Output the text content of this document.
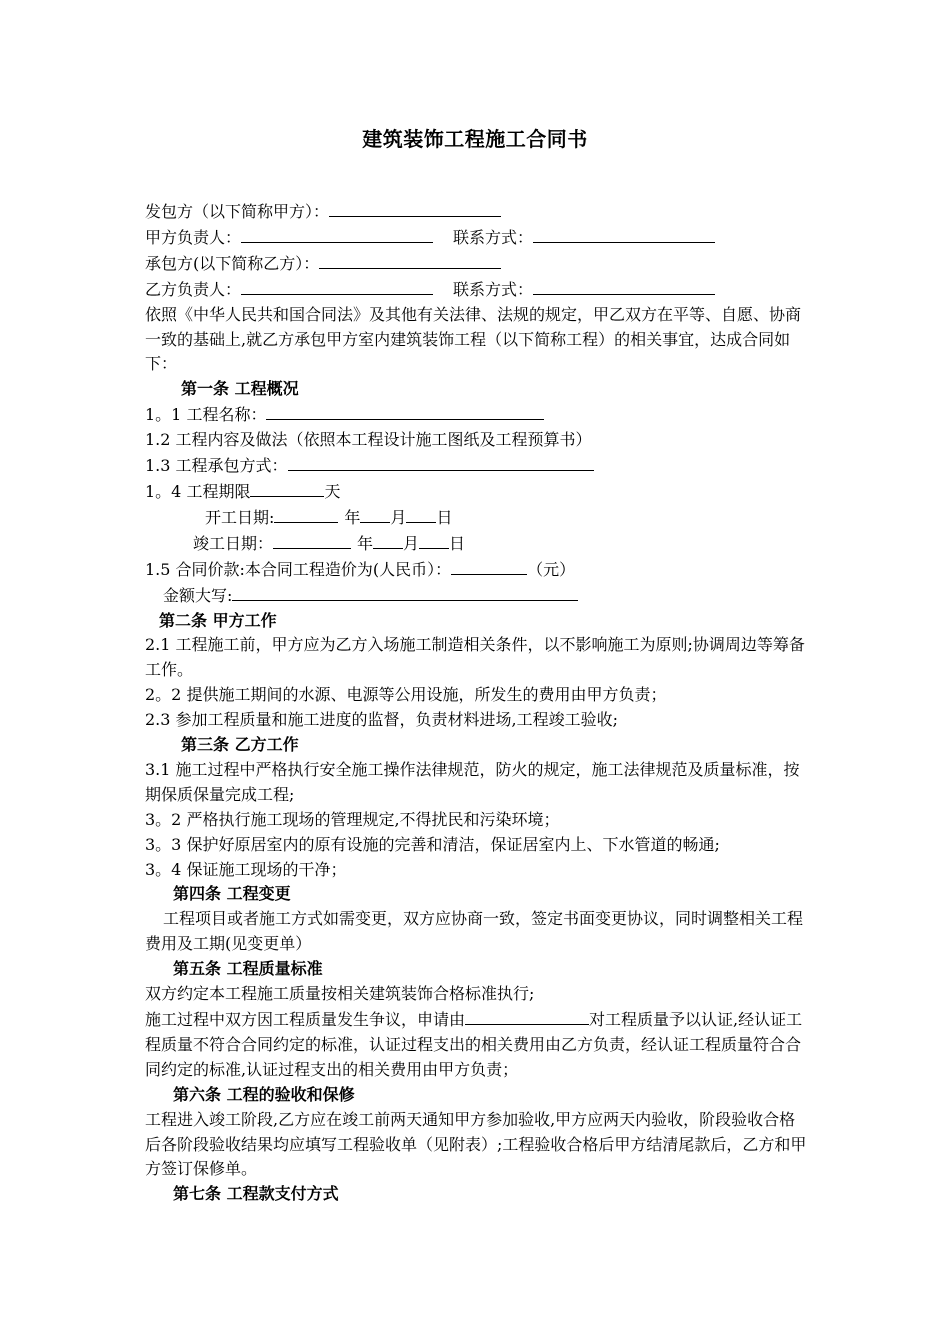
建筑装饰工程施工合同书
发包方（以下简称甲方）：
甲方负责人：	联系方式：
承包方(以下简称乙方）：
乙方负责人：	联系方式：
依照《中华人民共和国合同法》及其他有关法律、法规的规定，甲乙双方在平等、自愿、协商一致的基础上,就乙方承包甲方室内建筑装饰工程（以下简称工程）的相关事宜，达成合同如下：
第一条 工程概况
1。1 工程名称：
1.2 工程内容及做法（依照本工程设计施工图纸及工程预算书）
1.3 工程承包方式：
1。4 工程期限	天
开工日期:	年 月 日
竣工日期：	年 月 日
1.5 合同价款:本合同工程造价为(人民币）：	（元）
金额大写:
第二条 甲方工作
2.1 工程施工前，甲方应为乙方入场施工制造相关条件，以不影响施工为原则;协调周边等筹备工作。
2。2 提供施工期间的水源、电源等公用设施，所发生的费用由甲方负责；
2.3 参加工程质量和施工进度的监督，负责材料进场,工程竣工验收;
第三条 乙方工作
3.1 施工过程中严格执行安全施工操作法律规范，防火的规定，施工法律规范及质量标准，按期保质保量完成工程;
3。2 严格执行施工现场的管理规定,不得扰民和污染环境；
3。3 保护好原居室内的原有设施的完善和清洁，保证居室内上、下水管道的畅通;
3。4 保证施工现场的干净；
第四条 工程变更
工程项目或者施工方式如需变更，双方应协商一致，签定书面变更协议，同时调整相关工程费用及工期(见变更单）
第五条 工程质量标准
双方约定本工程施工质量按相关建筑装饰合格标准执行;
施工过程中双方因工程质量发生争议，申请由	对工程质量予以认证,经认证工程质量不符合合同约定的标准，认证过程支出的相关费用由乙方负责，经认证工程质量符合合同约定的标准,认证过程支出的相关费用由甲方负责；
第六条 工程的验收和保修
工程进入竣工阶段,乙方应在竣工前两天通知甲方参加验收,甲方应两天内验收，阶段验收合格后各阶段验收结果均应填写工程验收单（见附表）;工程验收合格后甲方结清尾款后，乙方和甲方签订保修单。
第七条 工程款支付方式
